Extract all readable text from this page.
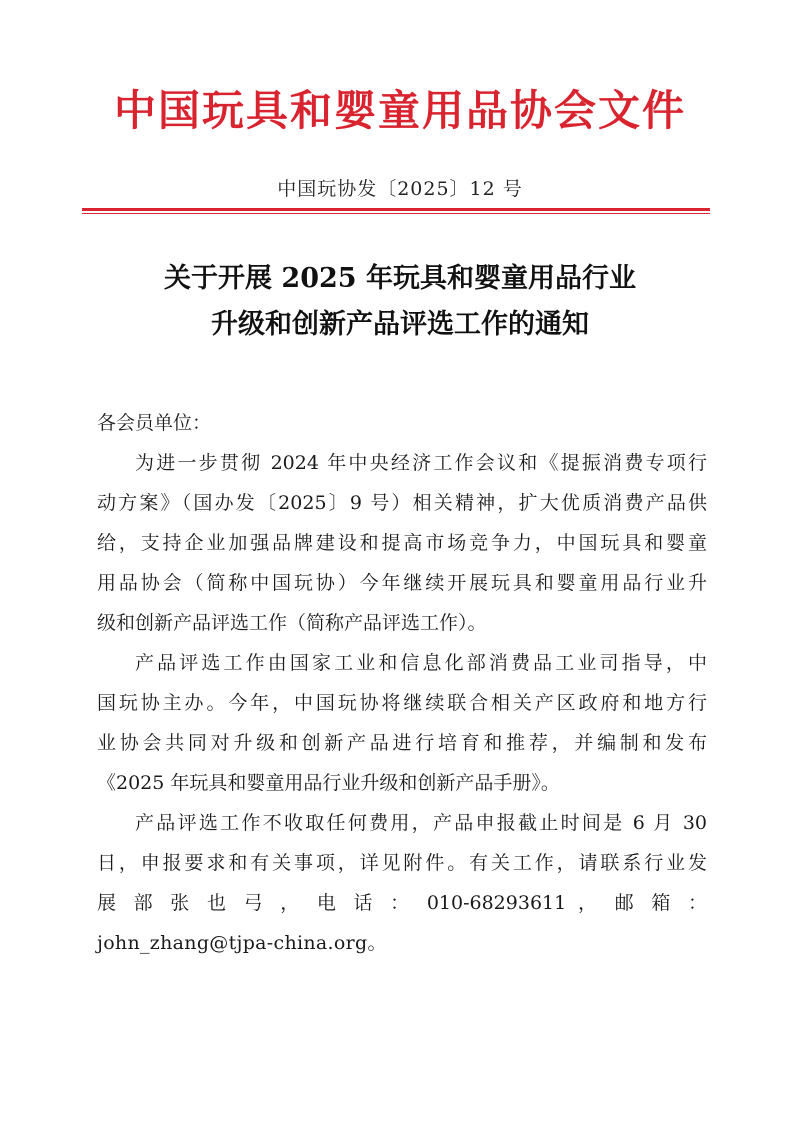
中国玩具和婴童用品协会文件
中国玩协发〔2025〕12 号
关于开展 2025 年玩具和婴童用品行业
升级和创新产品评选工作的通知
各会员单位：
为进一步贯彻 2024 年中央经济工作会议和《提振消费专项行
动方案》（国办发〔2025〕9 号）相关精神，扩大优质消费产品供
给，支持企业加强品牌建设和提高市场竞争力，中国玩具和婴童
用品协会（简称中国玩协）今年继续开展玩具和婴童用品行业升
级和创新产品评选工作（简称产品评选工作）。
产品评选工作由国家工业和信息化部消费品工业司指导，中
国玩协主办。今年，中国玩协将继续联合相关产区政府和地方行
业协会共同对升级和创新产品进行培育和推荐，并编制和发布
《2025 年玩具和婴童用品行业升级和创新产品手册》。
产品评选工作不收取任何费用，产品申报截止时间是 6 月 30
日，申报要求和有关事项，详见附件。有关工作，请联系行业发
展 部 张 也 弓 ， 电 话 ： 010-68293611 ， 邮 箱 ：
john_zhang@tjpa-china.org。
